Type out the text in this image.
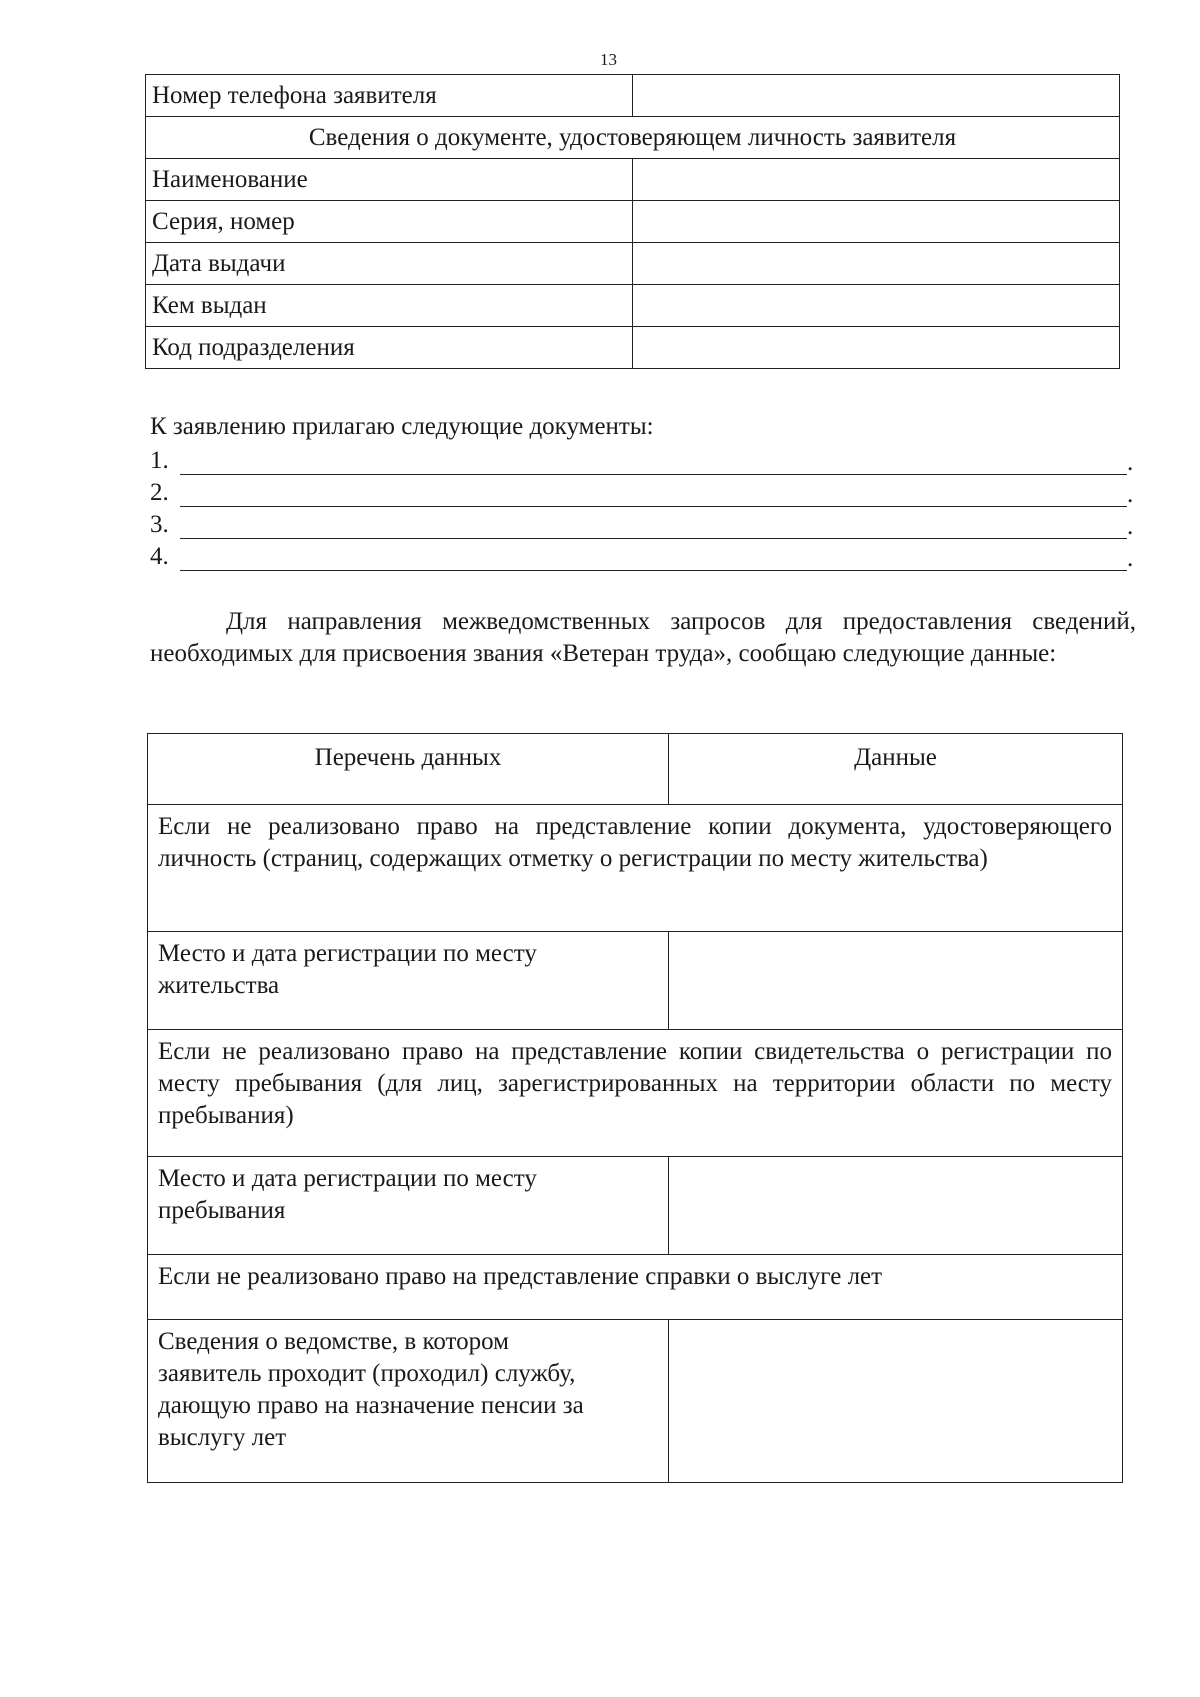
13
Номер телефона заявителя	
Сведения о документе, удостоверяющем личность заявителя	
Наименование	
Серия, номер	
Дата выдачи	
Кем выдан	
Код подразделения	
К заявлению прилагаю следующие документы:
1.	.
2.	.
3.	.
4.	.

Для направления межведомственных запросов для предоставления сведений, необходимых для присвоения звания «Ветеран труда», сообщаю следующие данные:

Перечень данных	Данные
Если не реализовано право на представление копии документа, удостоверяющего личность (страниц, содержащих отметку о регистрации по месту жительства)	

Место и дата регистрации по месту жительства	

Если не реализовано право на представление копии свидетельства о регистрации по месту пребывания (для лиц, зарегистрированных на территории области по месту пребывания)	

Место и дата регистрации по месту пребывания	

Если не реализовано право на представление справки о выслуге лет	

Сведения о ведомстве, в котором заявитель проходит (проходил) службу, дающую право на назначение пенсии за выслугу лет	
